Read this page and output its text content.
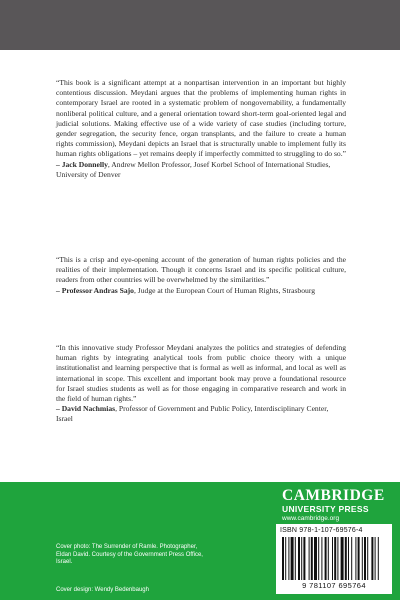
“This book is a significant attempt at a nonpartisan intervention in an important but highly contentious discussion. Meydani argues that the problems of implementing human rights in contemporary Israel are rooted in a systematic problem of nongovernability, a fundamentally nonliberal political culture, and a general orientation toward short-term goal-oriented legal and judicial solutions. Making effective use of a wide variety of case studies (including torture, gender segregation, the security fence, organ transplants, and the failure to create a human rights commission), Meydani depicts an Israel that is structurally unable to implement fully its human rights obligations – yet remains deeply if imperfectly committed to struggling to do so.”

– Jack Donnelly, Andrew Mellon Professor, Josef Korbel School of International Studies, University of Denver

“This is a crisp and eye-opening account of the generation of human rights policies and the realities of their implementation. Though it concerns Israel and its specific political culture, readers from other countries will be overwhelmed by the similarities.”

– Professor Andras Sajo, Judge at the European Court of Human Rights, Strasbourg

“In this innovative study Professor Meydani analyzes the politics and strategies of defending human rights by integrating analytical tools from public choice theory with a unique institutionalist and learning perspective that is formal as well as informal, and local as well as international in scope. This excellent and important book may prove a foundational resource for Israel studies students as well as for those engaging in comparative research and work in the field of human rights.”

– David Nachmias, Professor of Government and Public Policy, Interdisciplinary Center, Israel

CAMBRIDGE
UNIVERSITY PRESS
www.cambridge.org
Cover photo: The Surrender of Ramle. Photographer, Eldan David. Courtesy of the Government Press Office, Israel.
Cover design: Wendy Bedenbaugh
ISBN 978-1-107-69576-4
9 781107 695764
